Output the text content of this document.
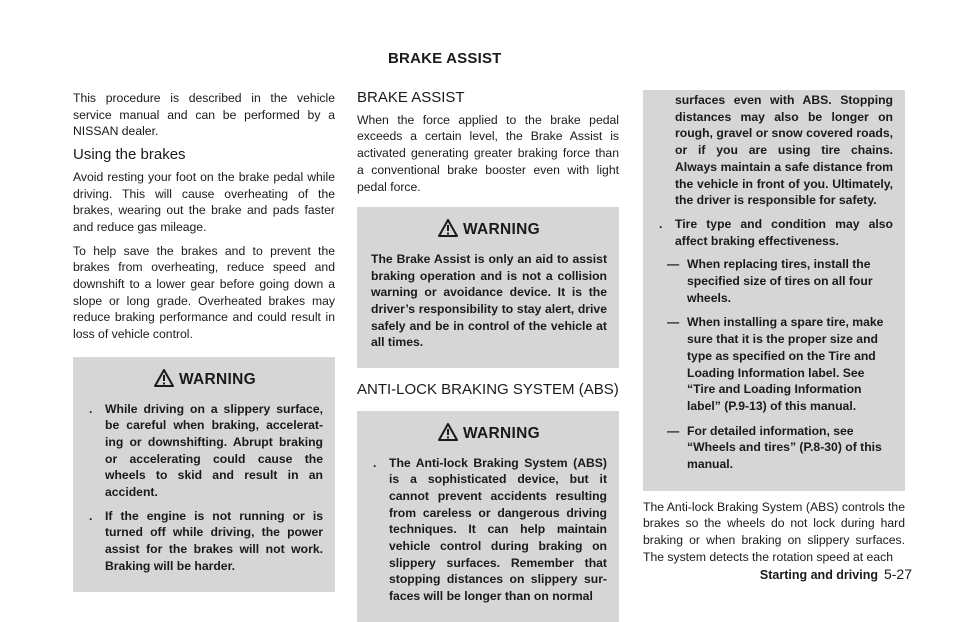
BRAKE ASSIST

This procedure is described in the vehicle service manual and can be performed by a NISSAN dealer.

Using the brakes

Avoid resting your foot on the brake pedal while driving. This will cause overheating of the brakes, wearing out the brake and pads faster and reduce gas mileage.

To help save the brakes and to prevent the brakes from overheating, reduce speed and downshift to a lower gear before going down a slope or long grade. Overheated brakes may reduce braking performance and could result in loss of vehicle control.

WARNING
. While driving on a slippery surface, be careful when braking, accelerat-ing or downshifting. Abrupt braking or accelerating could cause the wheels to skid and result in an accident.
. If the engine is not running or is turned off while driving, the power assist for the brakes will not work. Braking will be harder.
BRAKE ASSIST

When the force applied to the brake pedal exceeds a certain level, the Brake Assist is activated generating greater braking force than a conventional brake booster even with light pedal force.

WARNING

The Brake Assist is only an aid to assist braking operation and is not a collision warning or avoidance device. It is the driver’s responsibility to stay alert, drive safely and be in control of the vehicle at all times.

ANTI-LOCK BRAKING SYSTEM (ABS)
WARNING
. The Anti-lock Braking System (ABS) is a sophisticated device, but it cannot prevent accidents resulting from careless or dangerous driving techniques. It can help maintain vehicle control during braking on slippery surfaces. Remember that stopping distances on slippery sur-faces will be longer than on normal

surfaces even with ABS. Stopping distances may also be longer on rough, gravel or snow covered roads, or if you are using tire chains. Always maintain a safe distance from the vehicle in front of you. Ultimately, the driver is responsible for safety.

. Tire type and condition may also affect braking effectiveness.
— When replacing tires, install the specified size of tires on all four wheels.
— When installing a spare tire, make sure that it is the proper size and type as specified on the Tire and Loading Information label. See “Tire and Loading Information label” (P.9-13) of this manual.
— For detailed information, see “Wheels and tires” (P.8-30) of this manual.

The Anti-lock Braking System (ABS) controls the brakes so the wheels do not lock during hard braking or when braking on slippery surfaces. The system detects the rotation speed at each

Starting and driving 5-27
